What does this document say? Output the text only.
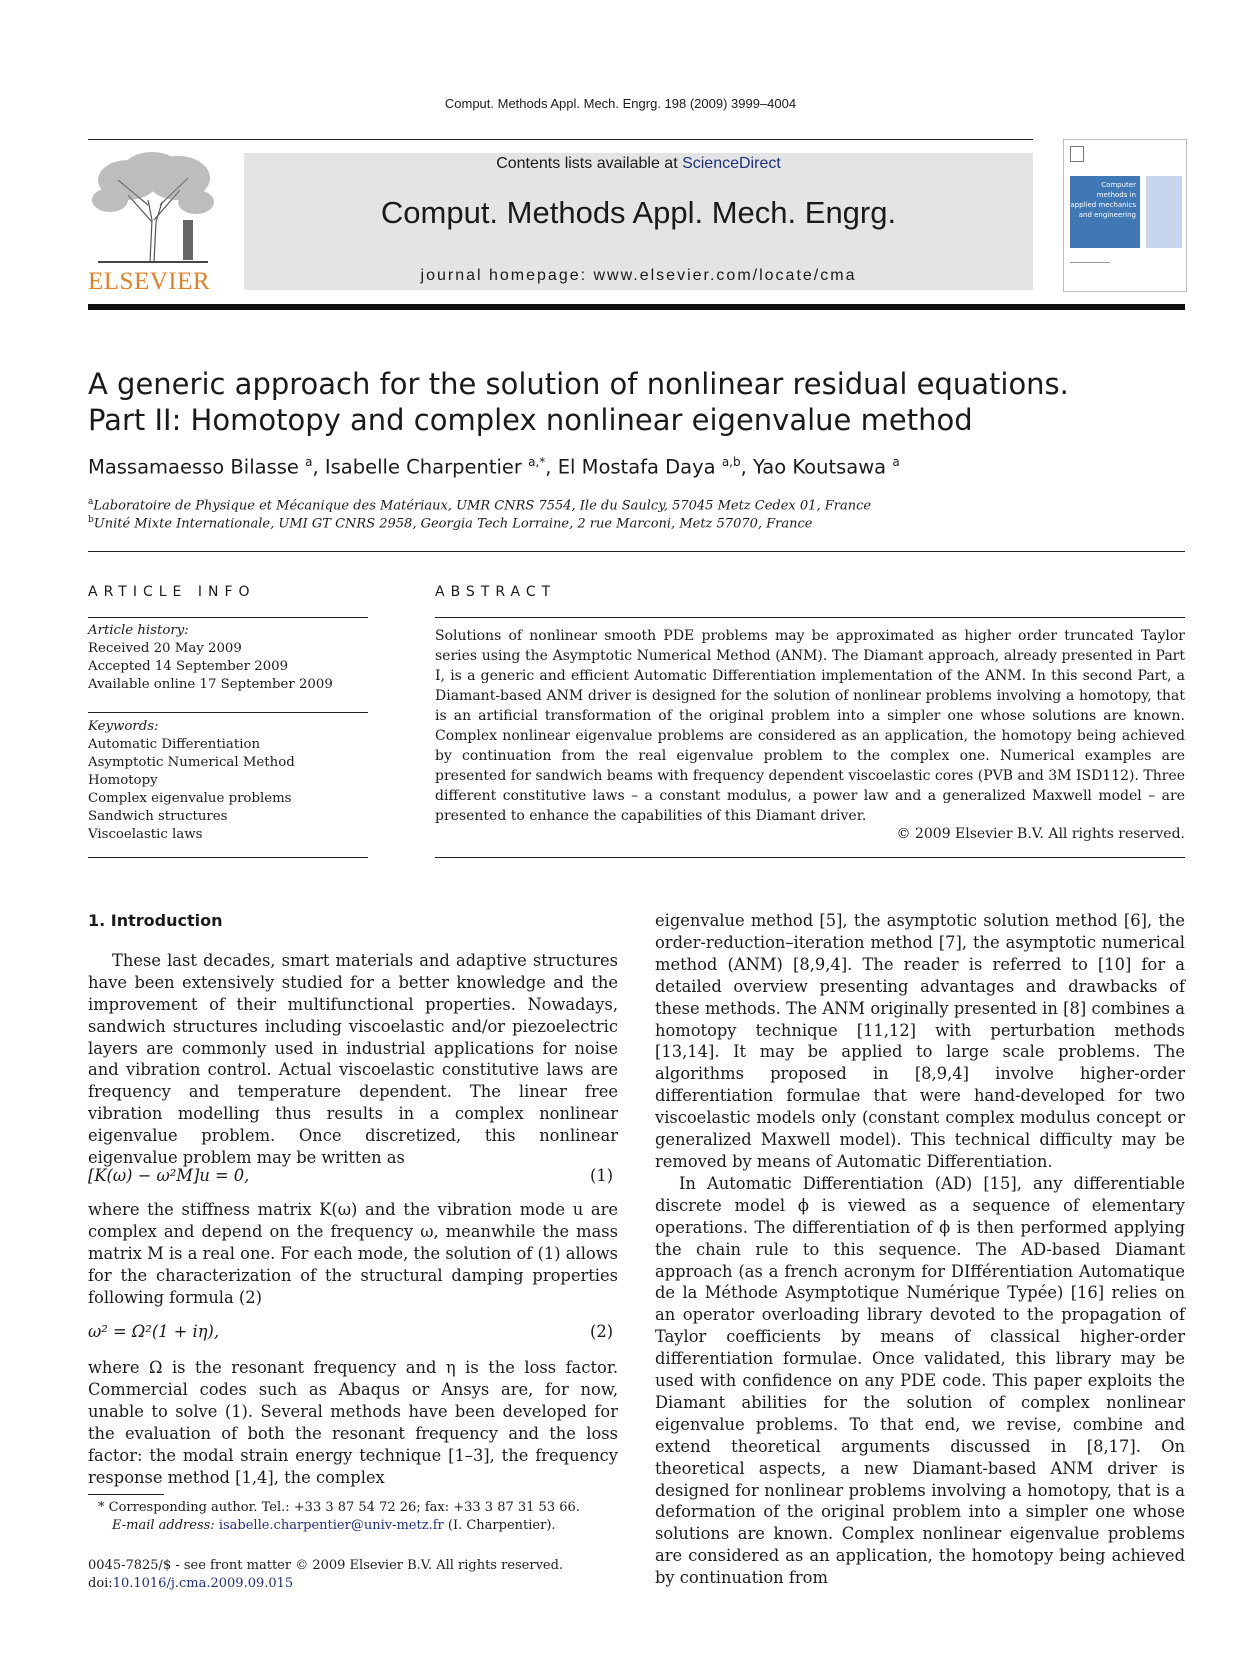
Comput. Methods Appl. Mech. Engrg. 198 (2009) 3999–4004
ELSEVIER
Contents lists available at ScienceDirect
Comput. Methods Appl. Mech. Engrg.
journal homepage: www.elsevier.com/locate/cma
Computer methods in applied mechanics and engineering
A generic approach for the solution of nonlinear residual equations.
Part II: Homotopy and complex nonlinear eigenvalue method
Massamaesso Bilasse $^a$, Isabelle Charpentier $^{a,*}$, El Mostafa Daya $^{a,b}$, Yao Koutsawa $^a$
$^a$Laboratoire de Physique et Mécanique des Matériaux, UMR CNRS 7554, Ile du Saulcy, 57045 Metz Cedex 01, France
$^b$Unité Mixte Internationale, UMI GT CNRS 2958, Georgia Tech Lorraine, 2 rue Marconi, Metz 57070, France
ARTICLE INFO
Article history:
Received 20 May 2009
Accepted 14 September 2009
Available online 17 September 2009
Keywords:
Automatic Differentiation
Asymptotic Numerical Method
Homotopy
Complex eigenvalue problems
Sandwich structures
Viscoelastic laws
ABSTRACT
Solutions of nonlinear smooth PDE problems may be approximated as higher order truncated Taylor series using the Asymptotic Numerical Method (ANM). The Diamant approach, already presented in Part I, is a generic and efficient Automatic Differentiation implementation of the ANM. In this second Part, a Diamant-based ANM driver is designed for the solution of nonlinear problems involving a homotopy, that is an artificial transformation of the original problem into a simpler one whose solutions are known. Complex nonlinear eigenvalue problems are considered as an application, the homotopy being achieved by continuation from the real eigenvalue problem to the complex one. Numerical examples are presented for sandwich beams with frequency dependent viscoelastic cores (PVB and 3M ISD112). Three different constitutive laws – a constant modulus, a power law and a generalized Maxwell model – are presented to enhance the capabilities of this Diamant driver.
© 2009 Elsevier B.V. All rights reserved.
1. Introduction

These last decades, smart materials and adaptive structures have been extensively studied for a better knowledge and the improvement of their multifunctional properties. Nowadays, sandwich structures including viscoelastic and/or piezoelectric layers are commonly used in industrial applications for noise and vibration control. Actual viscoelastic constitutive laws are frequency and temperature dependent. The linear free vibration modelling thus results in a complex nonlinear eigenvalue problem. Once discretized, this nonlinear eigenvalue problem may be written as

[K(ω) − ω²M]u = 0,	(1)

where the stiffness matrix K(ω) and the vibration mode u are complex and depend on the frequency ω, meanwhile the mass matrix M is a real one. For each mode, the solution of (1) allows for the characterization of the structural damping properties following formula (2)

ω² = Ω²(1 + iη),	(2)

where Ω is the resonant frequency and η is the loss factor. Commercial codes such as Abaqus or Ansys are, for now, unable to solve (1). Several methods have been developed for the evaluation of both the resonant frequency and the loss factor: the modal strain energy technique [1–3], the frequency response method [1,4], the complex

* Corresponding author. Tel.: +33 3 87 54 72 26; fax: +33 3 87 31 53 66.
E-mail address: isabelle.charpentier@univ-metz.fr (I. Charpentier).
0045-7825/$ - see front matter © 2009 Elsevier B.V. All rights reserved.
doi:10.1016/j.cma.2009.09.015

eigenvalue method [5], the asymptotic solution method [6], the order-reduction–iteration method [7], the asymptotic numerical method (ANM) [8,9,4]. The reader is referred to [10] for a detailed overview presenting advantages and drawbacks of these methods. The ANM originally presented in [8] combines a homotopy technique [11,12] with perturbation methods [13,14]. It may be applied to large scale problems. The algorithms proposed in [8,9,4] involve higher-order differentiation formulae that were hand-developed for two viscoelastic models only (constant complex modulus concept or generalized Maxwell model). This technical difficulty may be removed by means of Automatic Differentiation.

In Automatic Differentiation (AD) [15], any differentiable discrete model ϕ is viewed as a sequence of elementary operations. The differentiation of ϕ is then performed applying the chain rule to this sequence. The AD-based Diamant approach (as a french acronym for DIfférentiation Automatique de la Méthode Asymptotique Numérique Typée) [16] relies on an operator overloading library devoted to the propagation of Taylor coefficients by means of classical higher-order differentiation formulae. Once validated, this library may be used with confidence on any PDE code. This paper exploits the Diamant abilities for the solution of complex nonlinear eigenvalue problems. To that end, we revise, combine and extend theoretical arguments discussed in [8,17]. On theoretical aspects, a new Diamant-based ANM driver is designed for nonlinear problems involving a homotopy, that is a deformation of the original problem into a simpler one whose solutions are known. Complex nonlinear eigenvalue problems are considered as an application, the homotopy being achieved by continuation from
